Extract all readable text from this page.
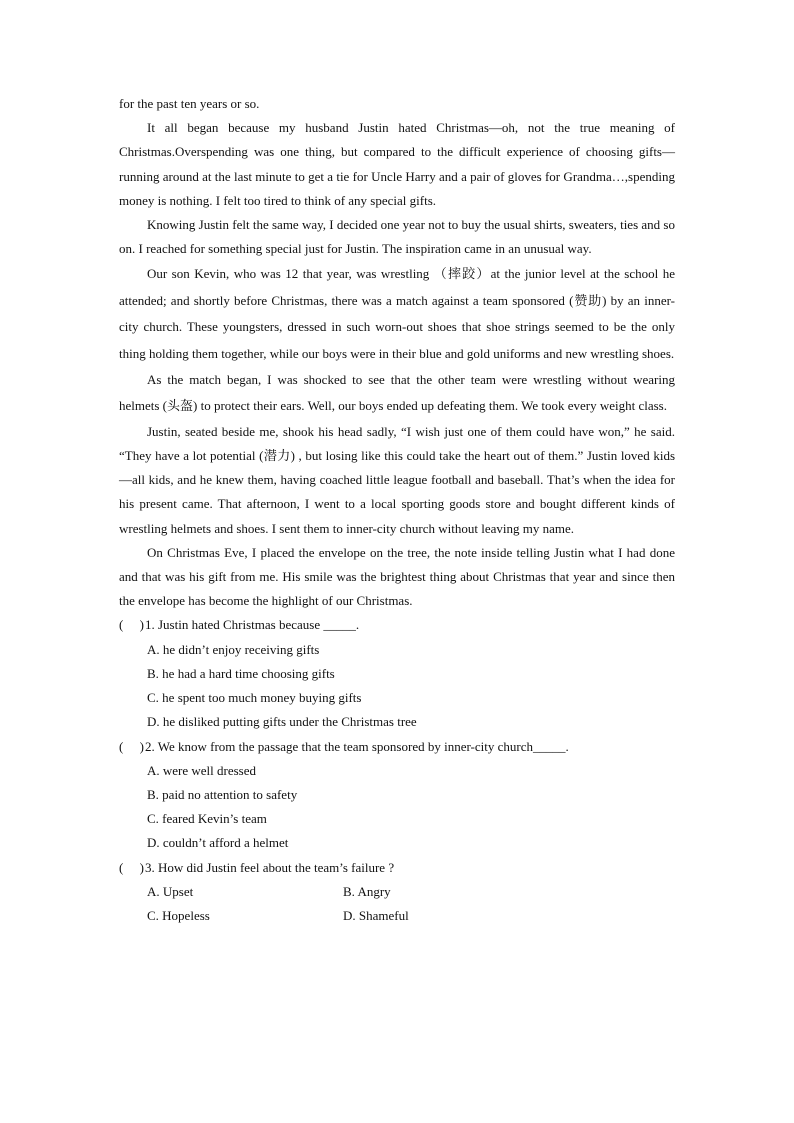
for the past ten years or so.

It all began because my husband Justin hated Christmas—oh, not the true meaning of Christmas.Overspending was one thing, but compared to the difficult experience of choosing gifts—running around at the last minute to get a tie for Uncle Harry and a pair of gloves for Grandma…,spending money is nothing. I felt too tired to think of any special gifts.

Knowing Justin felt the same way, I decided one year not to buy the usual shirts, sweaters, ties and so on. I reached for something special just for Justin. The inspiration came in an unusual way.

Our son Kevin, who was 12 that year, was wrestling （摔跤）at the junior level at the school he attended; and shortly before Christmas, there was a match against a team sponsored (赞助) by an inner-city church. These youngsters, dressed in such worn-out shoes that shoe strings seemed to be the only thing holding them together, while our boys were in their blue and gold uniforms and new wrestling shoes.

As the match began, I was shocked to see that the other team were wrestling without wearing helmets (头盔) to protect their ears. Well, our boys ended up defeating them. We took every weight class.

Justin, seated beside me, shook his head sadly, “I wish just one of them could have won,” he said. “They have a lot potential (潜力) , but losing like this could take the heart out of them.” Justin loved kids—all kids, and he knew them, having coached little league football and baseball. That’s when the idea for his present came. That afternoon, I went to a local sporting goods store and bought different kinds of wrestling helmets and shoes. I sent them to inner-city church without leaving my name.

On Christmas Eve, I placed the envelope on the tree, the note inside telling Justin what I had done and that was his gift from me. His smile was the brightest thing about Christmas that year and since then the envelope has become the highlight of our Christmas.

(　 )1. Justin hated Christmas because _____.

A. he didn’t enjoy receiving gifts

B. he had a hard time choosing gifts

C. he spent too much money buying gifts

D. he disliked putting gifts under the Christmas tree

(　 )2. We know from the passage that the team sponsored by inner-city church_____.

A. were well dressed

B. paid no attention to safety

C. feared Kevin’s team

D. couldn’t afford a helmet

(　 )3. How did Justin feel about the team’s failure ?

A. Upset	B. Angry
C. Hopeless	D. Shameful
